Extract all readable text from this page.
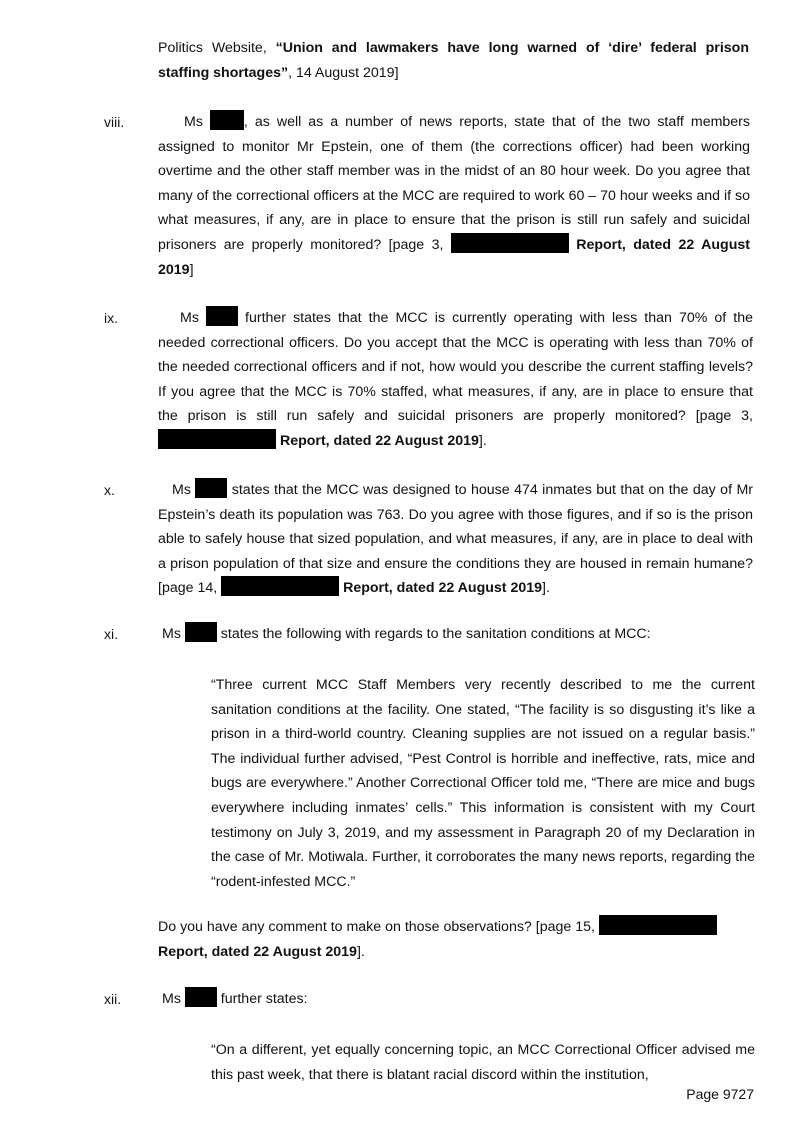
Politics Website, “Union and lawmakers have long warned of ‘dire’ federal prison staffing shortages”, 14 August 2019]
viii.	Ms , as well as a number of news reports, state that of the two staff members assigned to monitor Mr Epstein, one of them (the corrections officer) had been working overtime and the other staff member was in the midst of an 80 hour week. Do you agree that many of the correctional officers at the MCC are required to work 60 – 70 hour weeks and if so what measures, if any, are in place to ensure that the prison is still run safely and suicidal prisoners are properly monitored? [page 3,	Report, dated 22 August 2019]
ix.	Ms  further states that the MCC is currently operating with less than 70% of the needed correctional officers. Do you accept that the MCC is operating with less than 70% of the needed correctional officers and if not, how would you describe the current staffing levels? If you agree that the MCC is 70% staffed, what measures, if any, are in place to ensure that the prison is still run safely and suicidal prisoners are properly monitored? [page 3,  Report, dated 22 August 2019].
x.	Ms  states that the MCC was designed to house 474 inmates but that on the day of Mr Epstein’s death its population was 763. Do you agree with those figures, and if so is the prison able to safely house that sized population, and what measures, if any, are in place to deal with a prison population of that size and ensure the conditions they are housed in remain humane? [page 14,	Report, dated 22 August 2019].
xi.	Ms  states the following with regards to the sanitation conditions at MCC:
“Three current MCC Staff Members very recently described to me the current sanitation conditions at the facility. One stated, “The facility is so disgusting it’s like a prison in a third-world country. Cleaning supplies are not issued on a regular basis.” The individual further advised, “Pest Control is horrible and ineffective, rats, mice and bugs are everywhere.” Another Correctional Officer told me, “There are mice and bugs everywhere including inmates’ cells.” This information is consistent with my Court testimony on July 3, 2019, and my assessment in Paragraph 20 of my Declaration in the case of Mr. Motiwala. Further, it corroborates the many news reports, regarding the “rodent-infested MCC.”
Do you have any comment to make on those observations? [page 15,
Report, dated 22 August 2019].
xii.	Ms  further states:
“On a different, yet equally concerning topic, an MCC Correctional Officer advised me this past week, that there is blatant racial discord within the institution,
Page 9727
